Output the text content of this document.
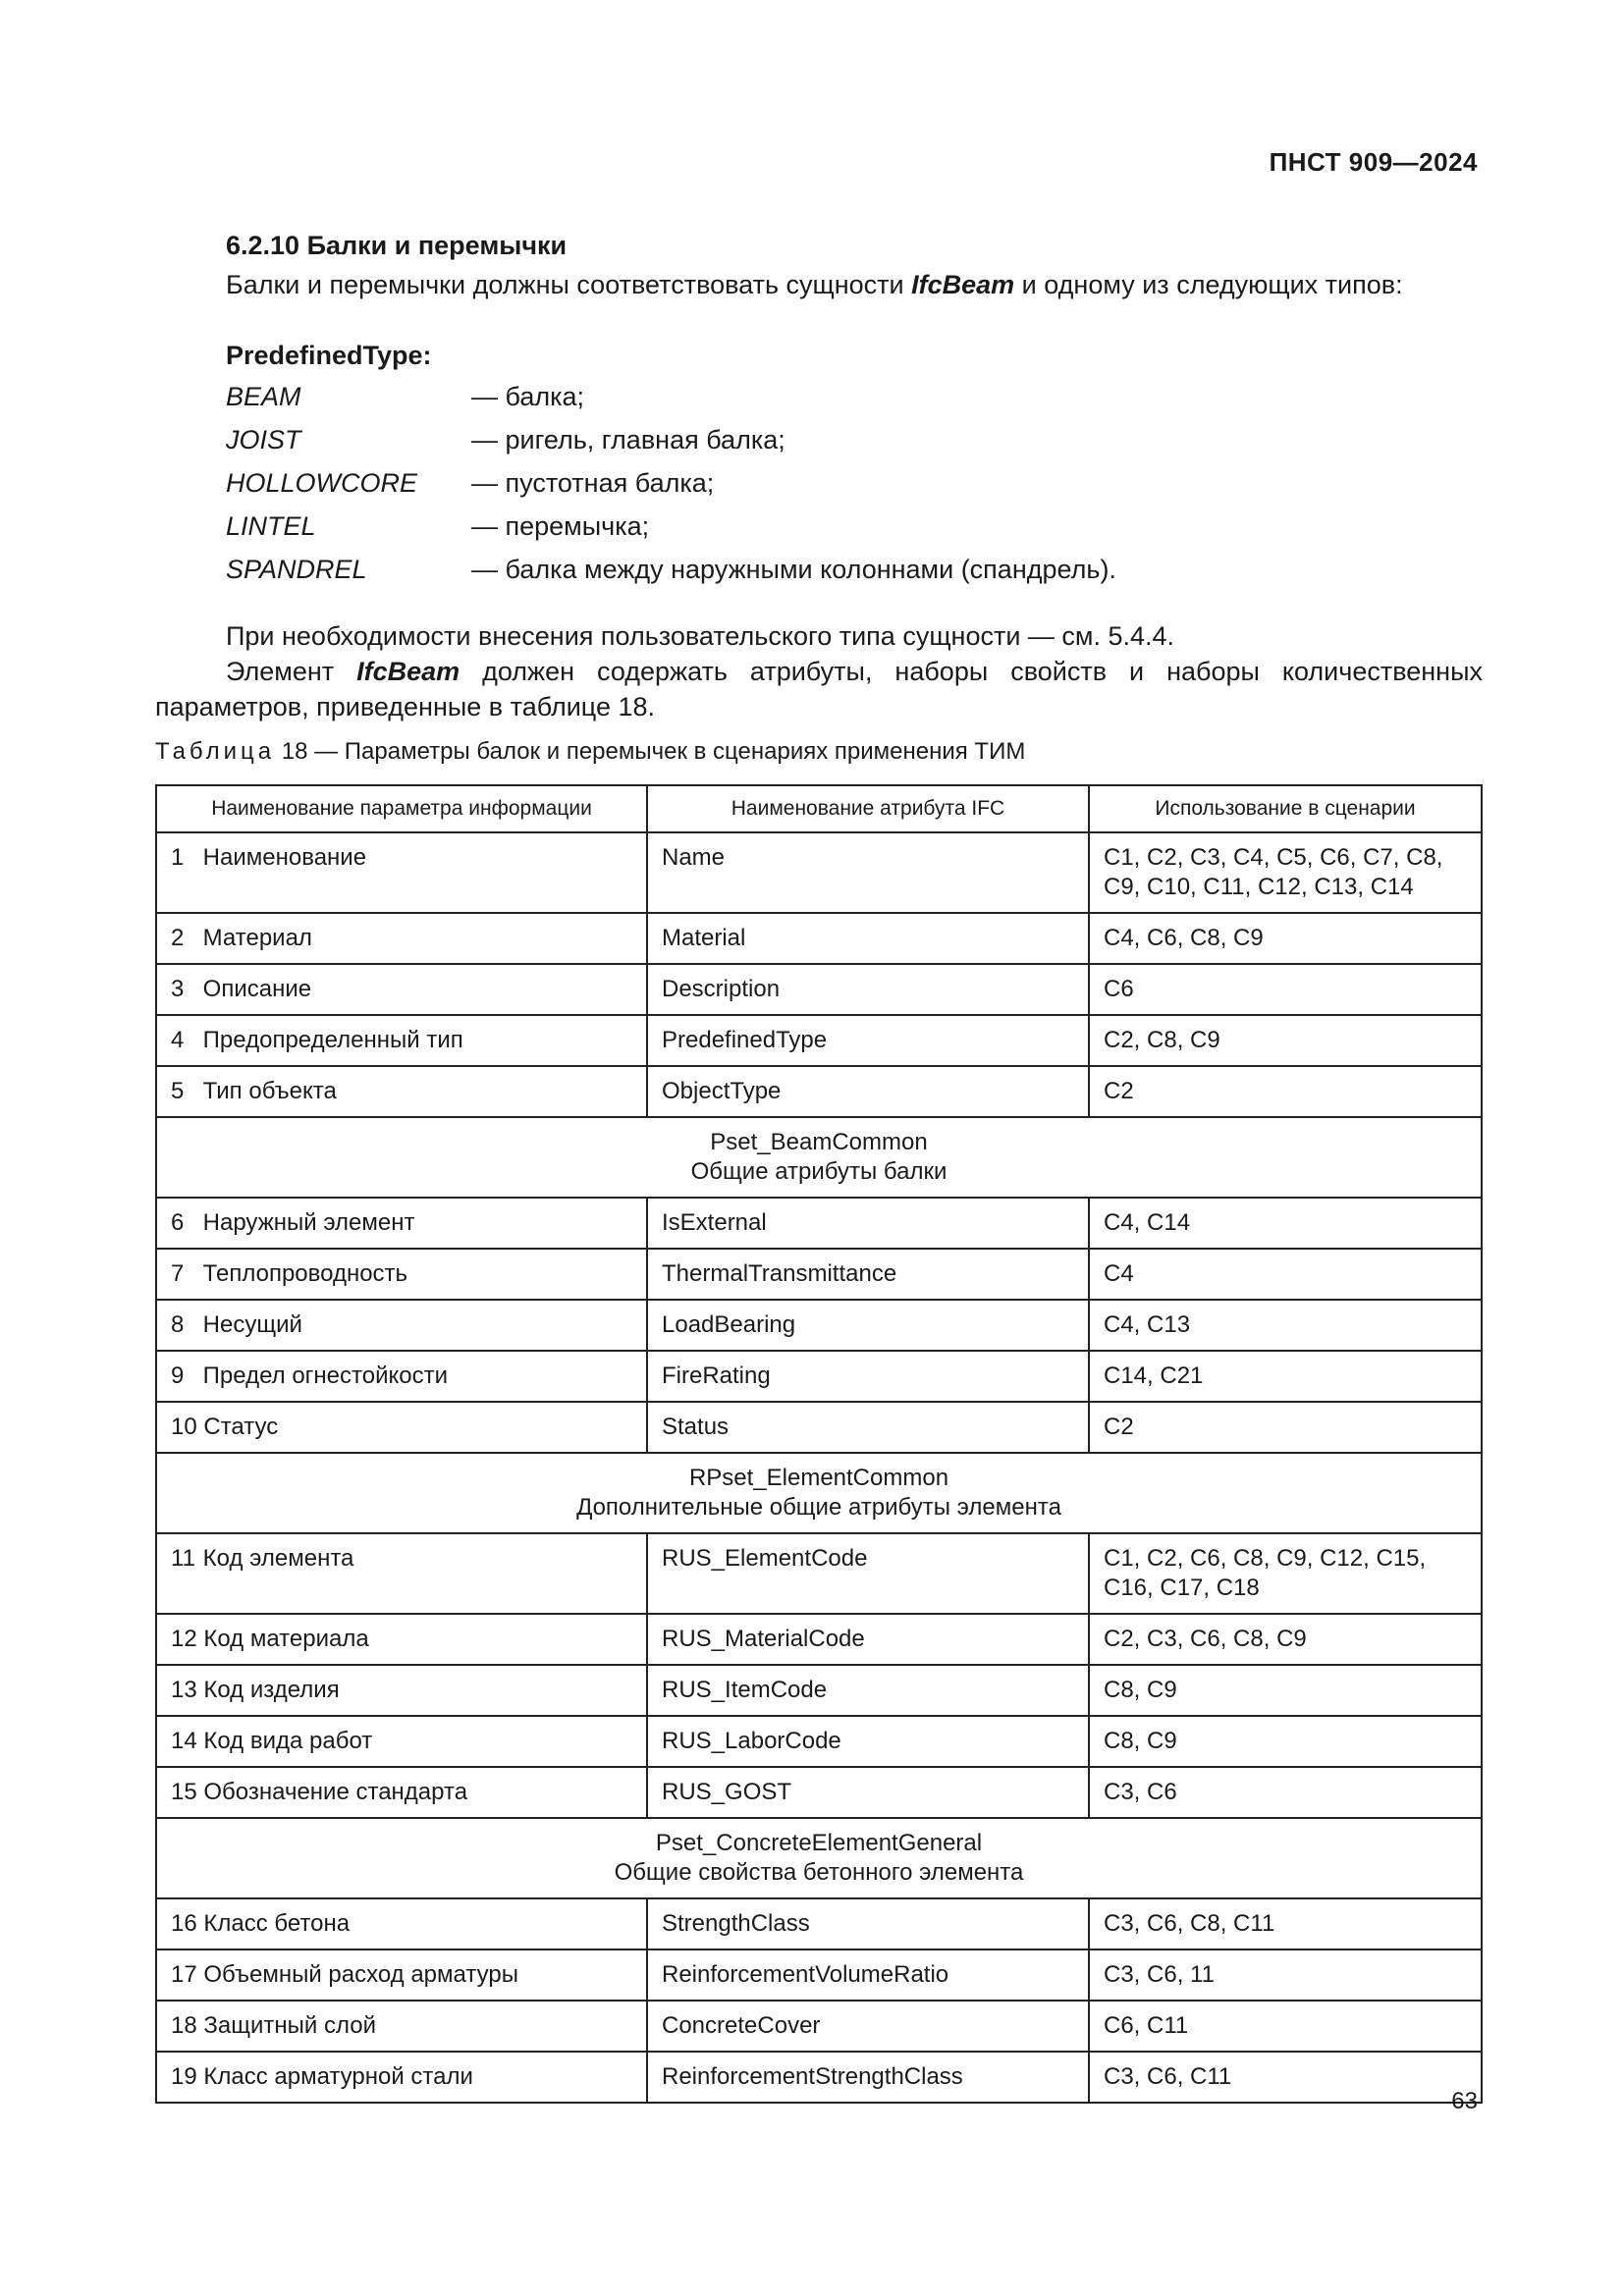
ПНСТ 909—2024
6.2.10 Балки и перемычки

Балки и перемычки должны соответствовать сущности IfcBeam и одному из следующих типов:

PredefinedType:
BEAM	— балка;
JOIST	— ригель, главная балка;
HOLLOWCORE	— пустотная балка;
LINTEL	— перемычка;
SPANDREL	— балка между наружными колоннами (спандрель).
При необходимости внесения пользовательского типа сущности — см. 5.4.4.
Элемент IfcBeam должен содержать атрибуты, наборы свойств и наборы количественных параметров, приведенные в таблице 18.
Таблица 18 — Параметры балок и перемычек в сценариях применения ТИМ
Наименование параметра информации	Наименование атрибута IFC	Использование в сценарии
1 Наименование	Name	С1, С2, С3, С4, С5, С6, С7, С8, С9, С10, С11, С12, С13, С14
2 Материал	Material	С4, С6, С8, С9
3 Описание	Description	С6
4 Предопределенный тип	PredefinedType	С2, С8, С9
5 Тип объекта	ObjectType	С2

Pset_BeamCommon
Общие атрибуты балки		

6 Наружный элемент	IsExternal	С4, С14
7 Теплопроводность	ThermalTransmittance	С4
8 Несущий	LoadBearing	С4, С13
9 Предел огнестойкости	FireRating	С14, С21
10 Статус	Status	С2

RPset_ElementCommon
Дополнительные общие атрибуты элемента		

11 Код элемента	RUS_ElementCode	С1, С2, С6, С8, С9, С12, С15, С16, С17, С18
12 Код материала	RUS_MaterialCode	С2, С3, С6, С8, С9
13 Код изделия	RUS_ItemCode	С8, С9
14 Код вида работ	RUS_LaborCode	С8, С9
15 Обозначение стандарта	RUS_GOST	С3, С6

Pset_ConcreteElementGeneral
Общие свойства бетонного элемента		

16 Класс бетона	StrengthClass	С3, С6, С8, С11
17 Объемный расход арматуры	ReinforcementVolumeRatio	С3, С6, 11
18 Защитный слой	ConcreteCover	С6, С11
19 Класс арматурной стали	ReinforcementStrengthClass	С3, С6, С11
63
